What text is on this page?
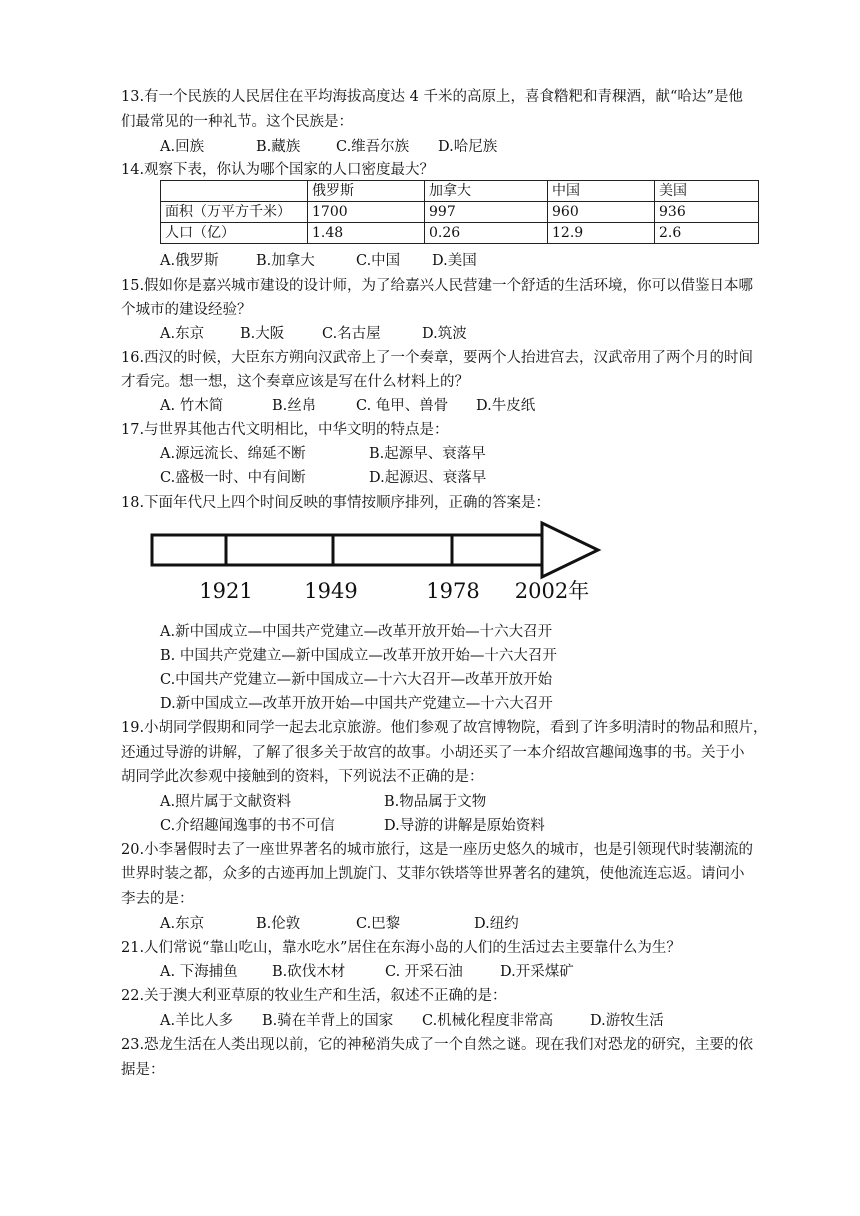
13.有一个民族的人民居住在平均海拔高度达 4 千米的高原上，喜食糌粑和青稞酒，献“哈达”是他
们最常见的一种礼节。这个民族是：
A.回族	B.藏族 C.维吾尔族 D.哈尼族
14.观察下表，你认为哪个国家的人口密度最大？
	俄罗斯	加拿大	中国	美国
面积（万平方千米）	1700	997	960	936
人口（亿）	1.48	0.26	12.9	2.6
A.俄罗斯	B.加拿大	C.中国 D.美国
15.假如你是嘉兴城市建设的设计师，为了给嘉兴人民营建一个舒适的生活环境，你可以借鉴日本哪
个城市的建设经验？
A.东京 B.大阪	C.名古屋	D.筑波
16.西汉的时候，大臣东方朔向汉武帝上了一个奏章，要两个人抬进宫去，汉武帝用了两个月的时间
才看完。想一想，这个奏章应该是写在什么材料上的？
A. 竹木简	B.丝帛	C. 龟甲、兽骨 D.牛皮纸
17.与世界其他古代文明相比，中华文明的特点是：
A.源远流长、绵延不断	B.起源早、衰落早
C.盛极一时、中有间断	D.起源迟、衰落早
18.下面年代尺上四个时间反映的事情按顺序排列，正确的答案是：
1921 1949	1978 2002年
A.新中国成立—中国共产党建立—改革开放开始—十六大召开
B. 中国共产党建立—新中国成立—改革开放开始—十六大召开
C.中国共产党建立—新中国成立—十六大召开—改革开放开始
D.新中国成立—改革开放开始—中国共产党建立—十六大召开
19.小胡同学假期和同学一起去北京旅游。他们参观了故宫博物院，看到了许多明清时的物品和照片，
还通过导游的讲解，了解了很多关于故宫的故事。小胡还买了一本介绍故宫趣闻逸事的书。关于小
胡同学此次参观中接触到的资料，下列说法不正确的是：
A.照片属于文献资料	B.物品属于文物
C.介绍趣闻逸事的书不可信	D.导游的讲解是原始资料
20.小李暑假时去了一座世界著名的城市旅行，这是一座历史悠久的城市，也是引领现代时装潮流的
世界时装之都，众多的古迹再加上凯旋门、艾菲尔铁塔等世界著名的建筑，使他流连忘返。请问小
李去的是：
A.东京	B.伦敦	C.巴黎	D.纽约
21.人们常说“靠山吃山，靠水吃水”居住在东海小岛的人们的生活过去主要靠什么为生？
A. 下海捕鱼 B.砍伐木材	C. 开采石油	D.开采煤矿
22.关于澳大利亚草原的牧业生产和生活，叙述不正确的是：
A.羊比人多 B.骑在羊背上的国家 C.机械化程度非常高	D.游牧生活
23.恐龙生活在人类出现以前，它的神秘消失成了一个自然之谜。现在我们对恐龙的研究，主要的依
据是：
